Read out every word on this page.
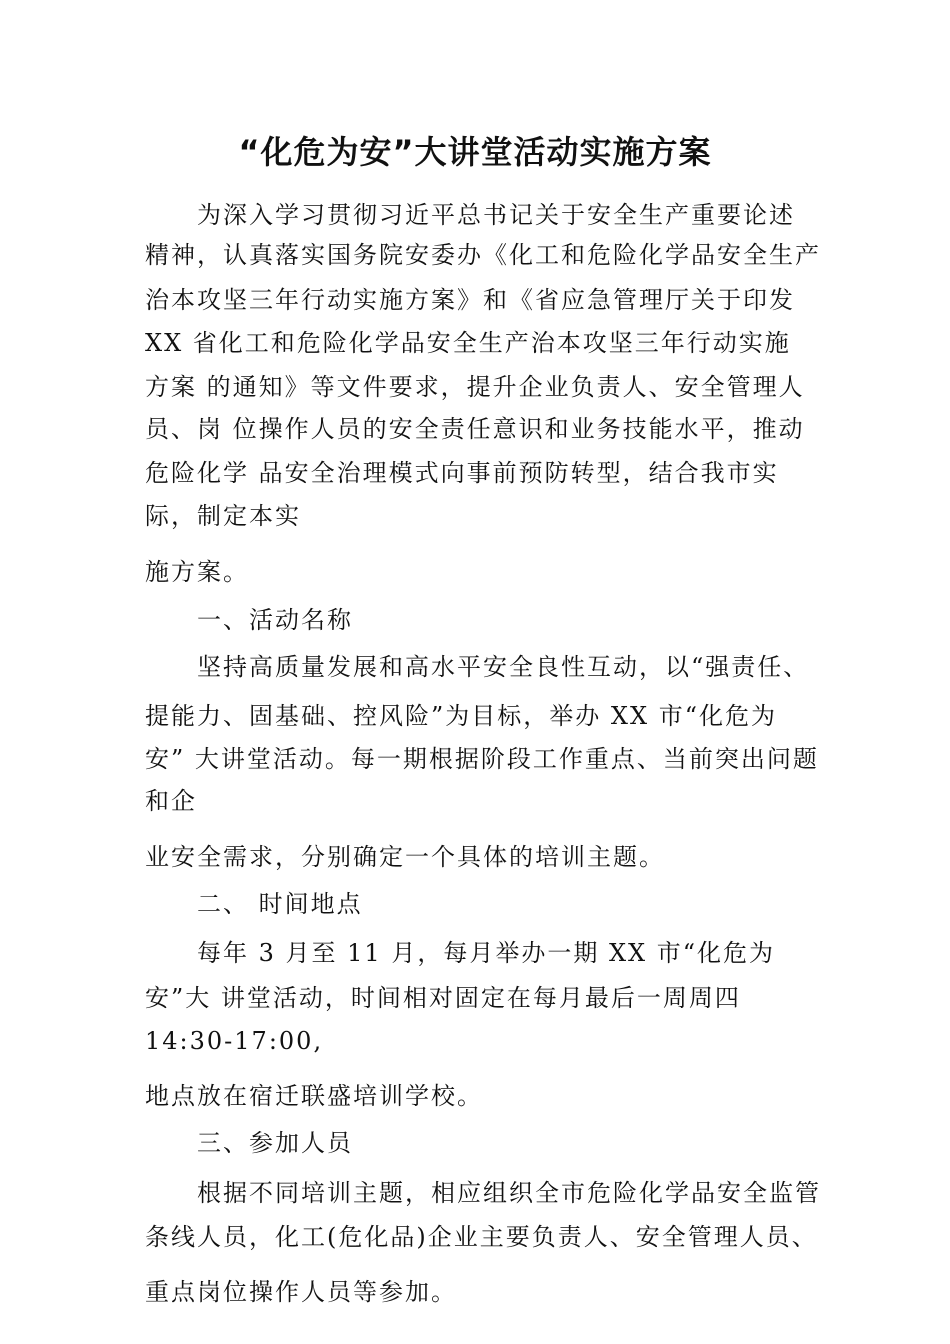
“化危为安”大讲堂活动实施方案
为深入学习贯彻习近平总书记关于安全生产重要论述
精神，认真落实国务院安委办《化工和危险化学品安全生产
治本攻坚三年行动实施方案》和《省应急管理厅关于印发
XX 省化工和危险化学品安全生产治本攻坚三年行动实施
方案 的通知》等文件要求，提升企业负责人、安全管理人
员、岗 位操作人员的安全责任意识和业务技能水平，推动
危险化学 品安全治理模式向事前预防转型，结合我市实
际，制定本实
施方案。
一、活动名称
坚持高质量发展和高水平安全良性互动，以“强责任、
提能力、固基础、控风险”为目标，举办 XX 市“化危为
安” 大讲堂活动。每一期根据阶段工作重点、当前突出问题
和企
业安全需求，分别确定一个具体的培训主题。
二、 时间地点
每年 3 月至 11 月，每月举办一期 XX 市“化危为
安”大 讲堂活动，时间相对固定在每月最后一周周四
14:30-17:00,
地点放在宿迁联盛培训学校。
三、参加人员
根据不同培训主题，相应组织全市危险化学品安全监管
条线人员，化工(危化品)企业主要负责人、安全管理人员、
重点岗位操作人员等参加。
